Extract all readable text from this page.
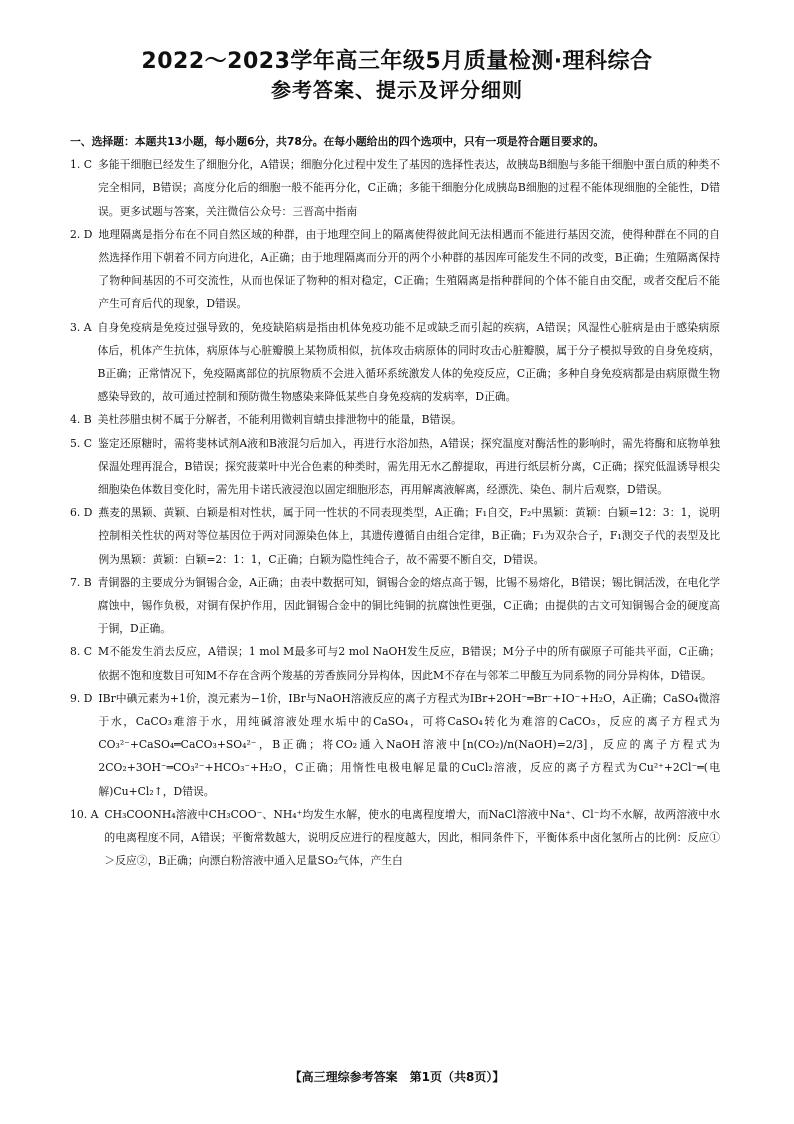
2022～2023学年高三年级5月质量检测·理科综合
参考答案、提示及评分细则
一、选择题：本题共13小题，每小题6分，共78分。在每小题给出的四个选项中，只有一项是符合题目要求的。
1. C 多能干细胞已经发生了细胞分化，A错误；细胞分化过程中发生了基因的选择性表达，故胰岛B细胞与多能干细胞中蛋白质的种类不完全相同，B错误；高度分化后的细胞一般不能再分化，C正确；多能干细胞分化成胰岛B细胞的过程不能体现细胞的全能性，D错误。更多试题与答案，关注微信公众号：三晋高中指南
2. D 地理隔离是指分布在不同自然区域的种群，由于地理空间上的隔离使得彼此间无法相遇而不能进行基因交流，使得种群在不同的自然选择作用下朝着不同方向进化，A正确；由于地理隔离而分开的两个小种群的基因库可能发生不同的改变，B正确；生殖隔离保持了物种间基因的不可交流性，从而也保证了物种的相对稳定，C正确；生殖隔离是指种群间的个体不能自由交配，或者交配后不能产生可育后代的现象，D错误。
3. A 自身免疫病是免疫过强导致的，免疫缺陷病是指由机体免疫功能不足或缺乏而引起的疾病，A错误；风湿性心脏病是由于感染病原体后，机体产生抗体，病原体与心脏瓣膜上某物质相似，抗体攻击病原体的同时攻击心脏瓣膜，属于分子模拟导致的自身免疫病，B正确；正常情况下，免疫隔离部位的抗原物质不会进入循环系统激发人体的免疫反应，C正确；多种自身免疫病都是由病原微生物感染导致的，故可通过控制和预防微生物感染来降低某些自身免疫病的发病率，D正确。
4. B 美杜莎腊虫树不属于分解者，不能利用微剌盲蜻虫排泄物中的能量，B错误。
5. C 鉴定还原糖时，需将斐林试剂A液和B液混匀后加入，再进行水浴加热，A错误；探究温度对酶活性的影响时，需先将酶和底物单独保温处理再混合，B错误；探究菠菜叶中光合色素的种类时，需先用无水乙醇提取，再进行纸层析分离，C正确；探究低温诱导根尖细胞染色体数目变化时，需先用卡诺氏液浸泡以固定细胞形态，再用解离液解离，经漂洗、染色、制片后观察，D错误。
6. D 燕麦的黑颖、黄颖、白颖是相对性状，属于同一性状的不同表现类型，A正确；F₁自交，F₂中黑颖：黄颖：白颖=12：3：1，说明控制相关性状的两对等位基因位于两对同源染色体上，其遗传遵循自由组合定律，B正确；F₁为双杂合子，F₁测交子代的表型及比例为黑颖：黄颖：白颖=2：1：1，C正确；白颖为隐性纯合子，故不需要不断自交，D错误。
7. B 青铜器的主要成分为铜锡合金，A正确；由表中数据可知，铜锡合金的熔点高于锡，比锡不易熔化，B错误；锡比铜活泼，在电化学腐蚀中，锡作负极，对铜有保护作用，因此铜锡合金中的铜比纯铜的抗腐蚀性更强，C正确；由提供的古文可知铜锡合金的硬度高于铜，D正确。
8. C M不能发生消去反应，A错误；1 mol M最多可与2 mol NaOH发生反应，B错误；M分子中的所有碳原子可能共平面，C正确；依据不饱和度数目可知M不存在含两个羧基的芳香族同分异构体，因此M不存在与邻苯二甲酸互为同系物的同分异构体，D错误。
9. D IBr中碘元素为+1价，溴元素为−1价，IBr与NaOH溶液反应的离子方程式为IBr+2OH⁻═Br⁻+IO⁻+H₂O，A正确；CaSO₄微溶于水，CaCO₃难溶于水，用纯碱溶液处理水垢中的CaSO₄，可将CaSO₄转化为难溶的CaCO₃，反应的离子方程式为CO₃²⁻+CaSO₄═CaCO₃+SO₄²⁻，B正确；将CO₂通入NaOH溶液中[n(CO₂)/n(NaOH)=2/3]，反应的离子方程式为2CO₂+3OH⁻═CO₃²⁻+HCO₃⁻+H₂O，C正确；用惰性电极电解足量的CuCl₂溶液，反应的离子方程式为Cu²⁺+2Cl⁻═(电解)Cu+Cl₂↑，D错误。
10. A CH₃COONH₄溶液中CH₃COO⁻、NH₄⁺均发生水解，使水的电离程度增大，而NaCl溶液中Na⁺、Cl⁻均不水解，故两溶液中水的电离程度不同，A错误；平衡常数越大，说明反应进行的程度越大，因此，相同条件下，平衡体系中卤化氢所占的比例：反应①＞反应②，B正确；向漂白粉溶液中通入足量SO₂气体，产生白
【高三理综参考答案　第1页（共8页）】
